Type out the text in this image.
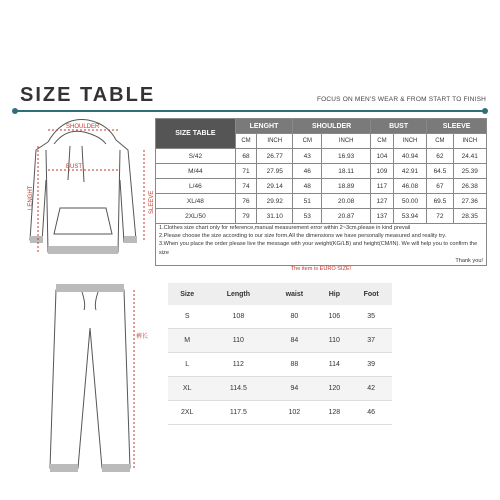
SIZE TABLE	FOCUS ON MEN'S WEAR & FROM START TO FINISH
SHOULDER
BUST
LENGHT	SLEEVE
裤长
SIZE TABLE	LENGHT		SHOULDER		BUST		SLEEVE	
	CM	INCH	CM	INCH	CM	INCH	CM	INCH
S/42	68	26.77	43	16.93	104	40.94	62	24.41
M/44	71	27.95	46	18.11	109	42.91	64.5	25.39
L/46	74	29.14	48	18.89	117	46.08	67	26.38
XL/48	76	29.92	51	20.08	127	50.00	69.5	27.36
2XL/50	79	31.10	53	20.87	137	53.94	72	28.35
1.Clothes size chart only for reference,manual measurement error within 2~3cm,please in kind prevail
2.Please choose the size according to our size form.All the dimensions we have personally measured and reality try.
3.When you place the order please live the message with your weight(KG/LB) and height(CM/IN). We will help you to confirm the size
Thank you!
The item is EURO SIZE!
Size	Length	waist	Hip	Foot
S	108	80	106	35
M	110	84	110	37
L	112	88	114	39
XL	114.5	94	120	42
2XL	117.5	102	128	46
